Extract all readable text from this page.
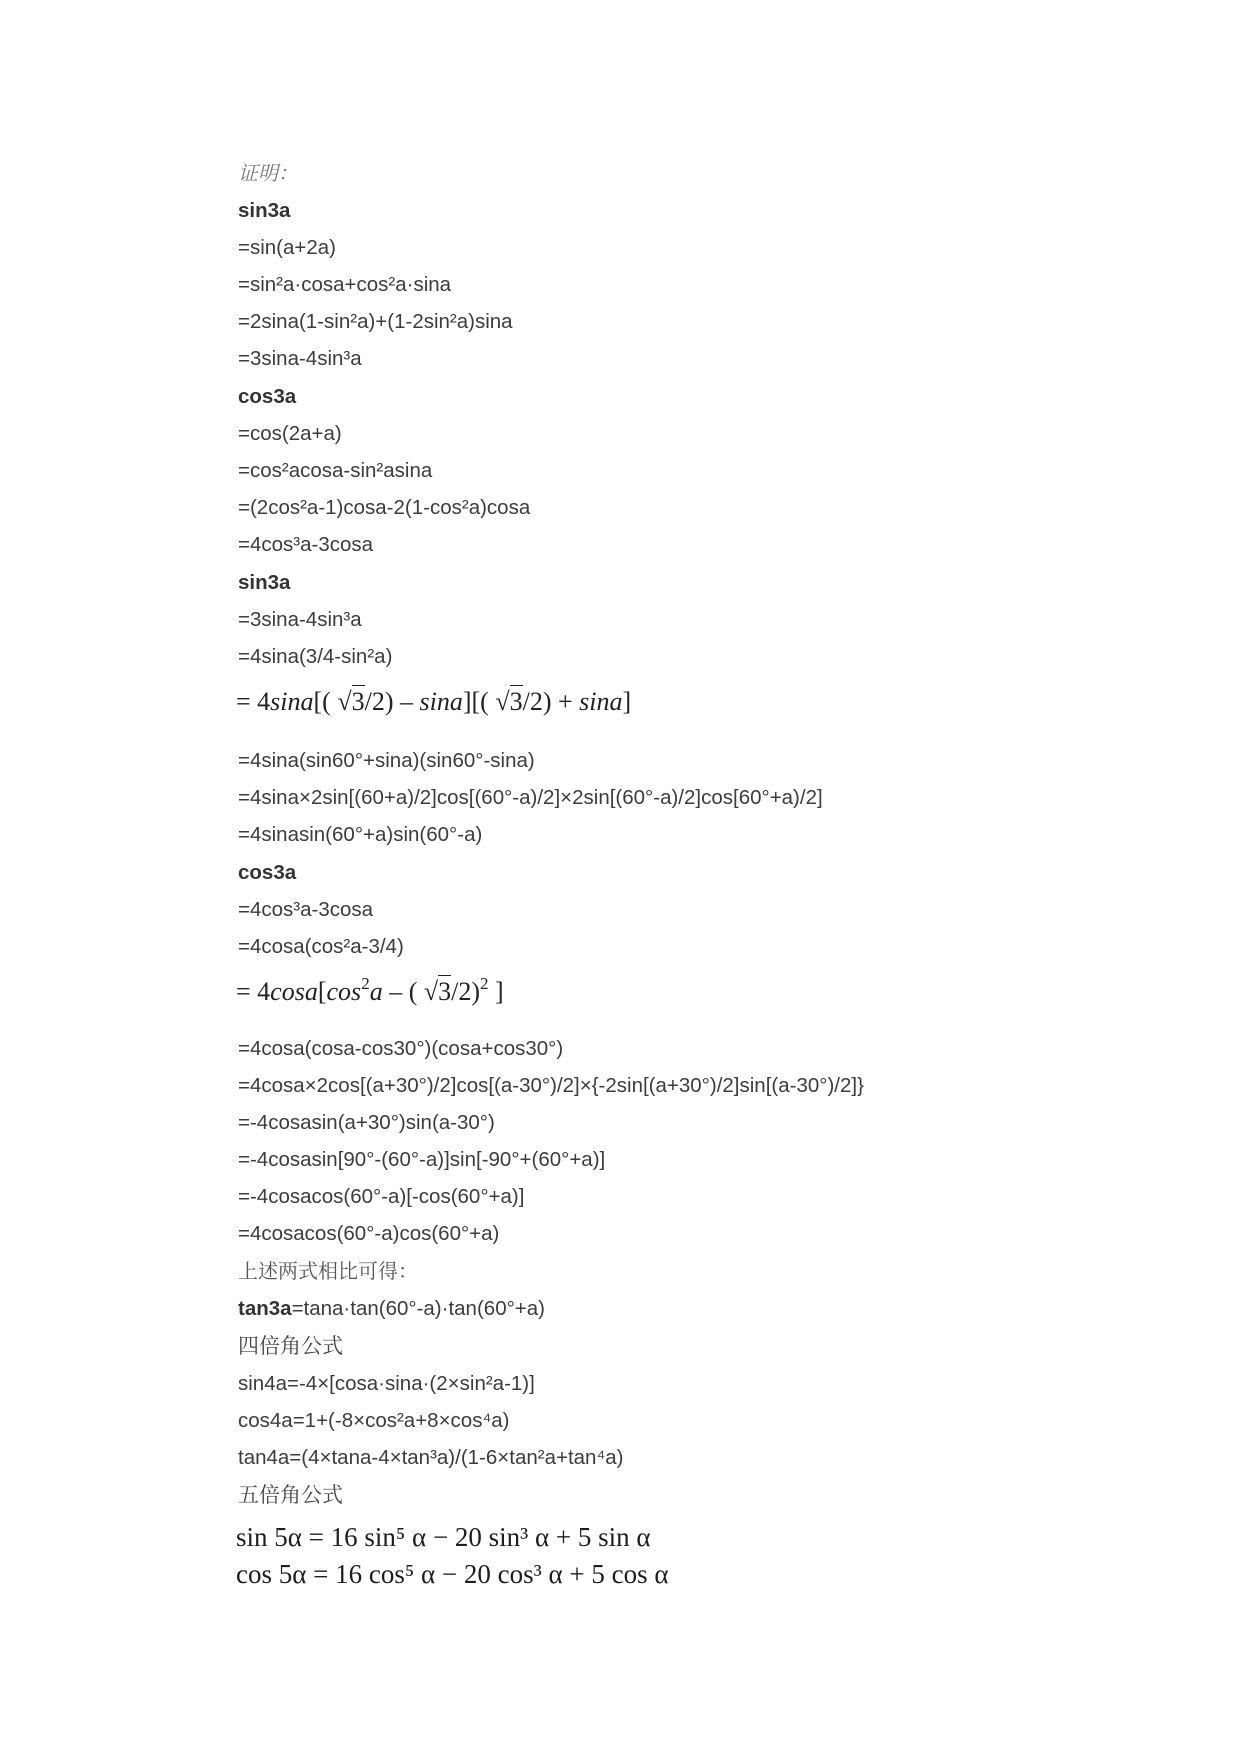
证明：
sin3a
=sin(a+2a)
=sin²a·cosa+cos²a·sina
=2sina(1-sin²a)+(1-2sin²a)sina
=3sina-4sin³a
cos3a
=cos(2a+a)
=cos²acosa-sin²asina
=(2cos²a-1)cosa-2(1-cos²a)cosa
=4cos³a-3cosa
sin3a
=3sina-4sin³a
=4sina(3/4-sin²a)
= 4sina[( √3/2) – sina][( √3/2) + sina]
=4sina(sin60°+sina)(sin60°-sina)
=4sina×2sin[(60+a)/2]cos[(60°-a)/2]×2sin[(60°-a)/2]cos[60°+a)/2]
=4sinasin(60°+a)sin(60°-a)
cos3a
=4cos³a-3cosa
=4cosa(cos²a-3/4)
= $4\cos a[\cos^2a$ – ( √3/2)$^2$ ]
=4cosa(cosa-cos30°)(cosa+cos30°)
=4cosa×2cos[(a+30°)/2]cos[(a-30°)/2]×{-2sin[(a+30°)/2]sin[(a-30°)/2]}
=-4cosasin(a+30°)sin(a-30°)
=-4cosasin[90°-(60°-a)]sin[-90°+(60°+a)]
=-4cosacos(60°-a)[-cos(60°+a)]
=4cosacos(60°-a)cos(60°+a)
上述两式相比可得：
tan3a=tana·tan(60°-a)·tan(60°+a)
四倍角公式
sin4a=-4×[cosa·sina·(2×sin²a-1)]
cos4a=1+(-8×cos²a+8×cos⁴a)
tan4a=(4×tana-4×tan³a)/(1-6×tan²a+tan⁴a)
五倍角公式
sin 5α = 16 sin⁵ α − 20 sin³ α + 5 sin α
cos 5α = 16 cos⁵ α − 20 cos³ α + 5 cos α
